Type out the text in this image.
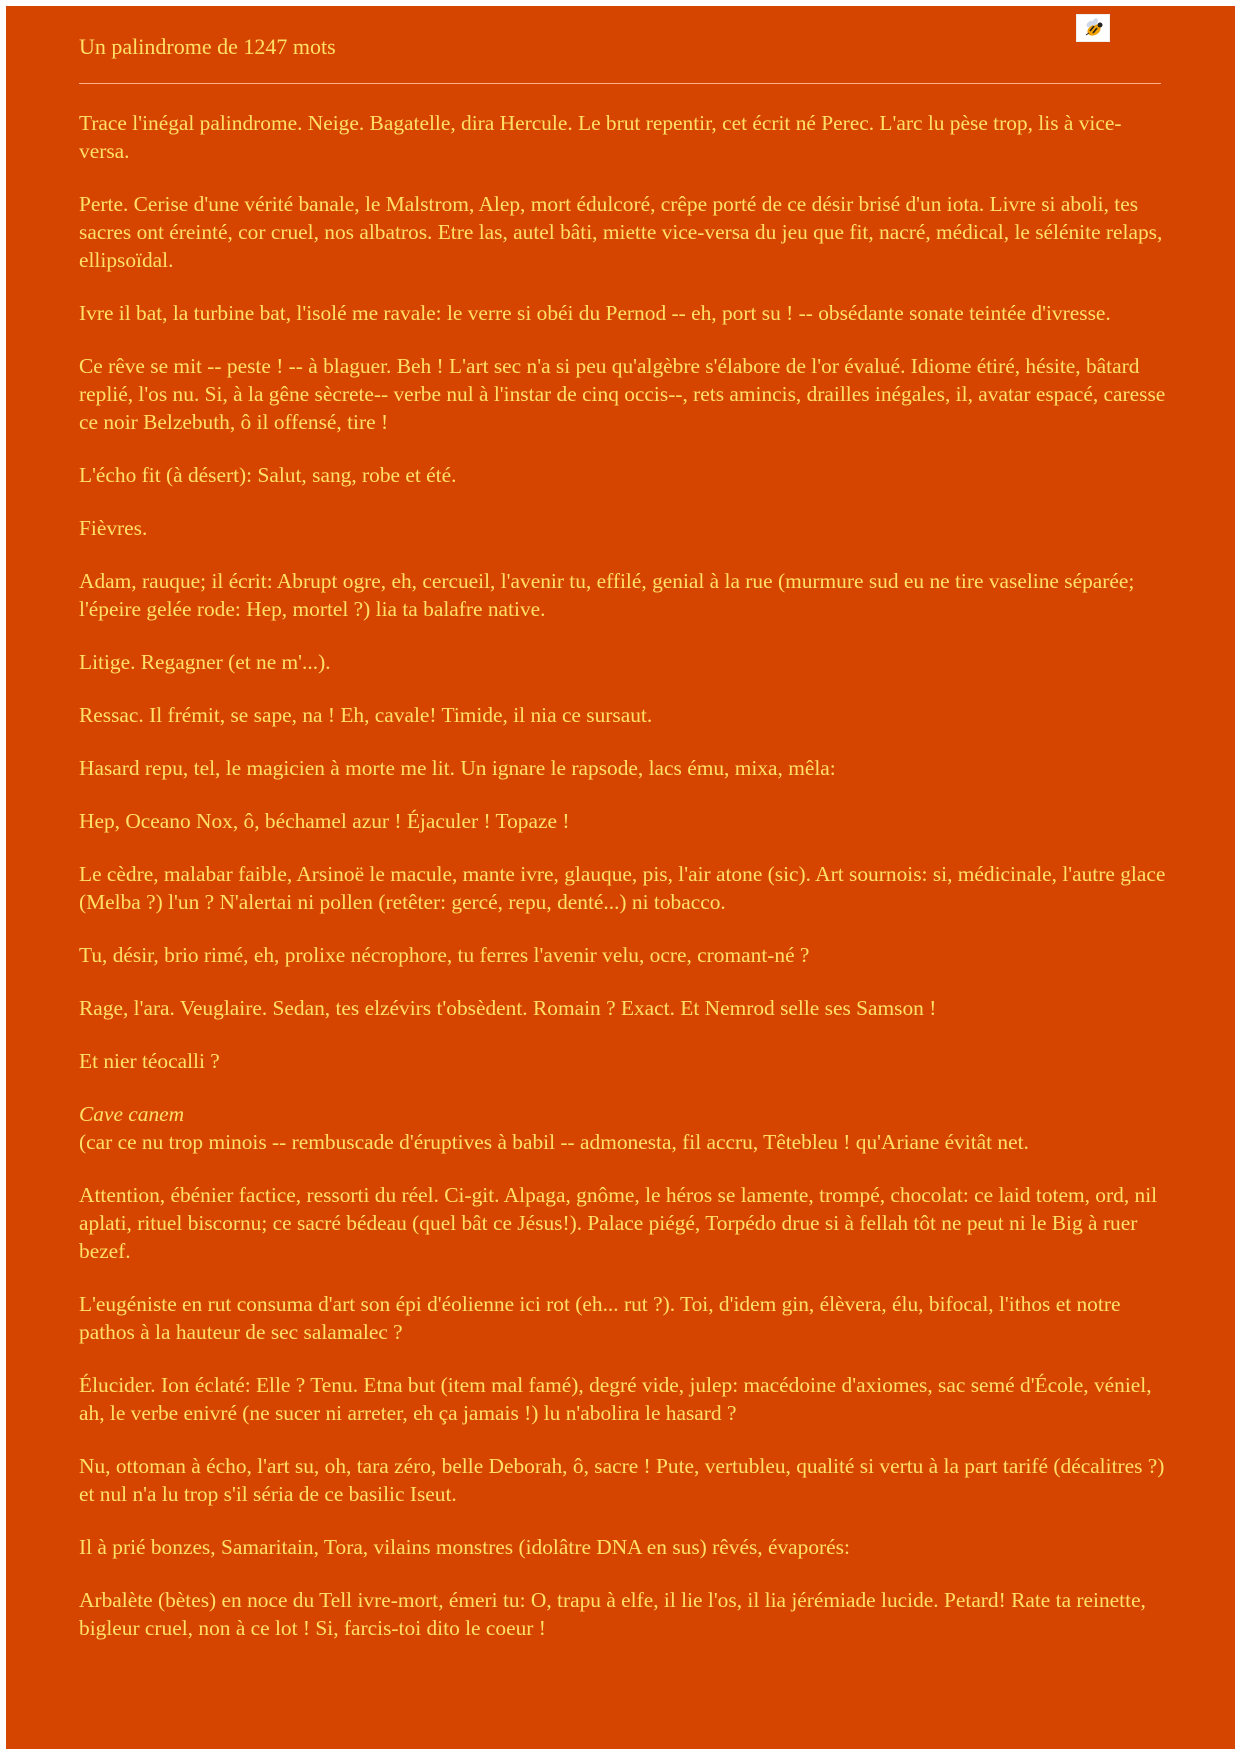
Un palindrome de 1247 mots

Trace l'inégal palindrome. Neige. Bagatelle, dira Hercule. Le brut repentir, cet écrit né Perec. L'arc lu pèse trop, lis à vice-versa.

Perte. Cerise d'une vérité banale, le Malstrom, Alep, mort édulcoré, crêpe porté de ce désir brisé d'un iota. Livre si aboli, tes sacres ont éreinté, cor cruel, nos albatros. Etre las, autel bâti, miette vice-versa du jeu que fit, nacré, médical, le sélénite relaps, ellipsoïdal.

Ivre il bat, la turbine bat, l'isolé me ravale: le verre si obéi du Pernod -- eh, port su ! -- obsédante sonate teintée d'ivresse.

Ce rêve se mit -- peste ! -- à blaguer. Beh ! L'art sec n'a si peu qu'algèbre s'élabore de l'or évalué. Idiome étiré, hésite, bâtard replié, l'os nu. Si, à la gêne sècrete-- verbe nul à l'instar de cinq occis--, rets amincis, drailles inégales, il, avatar espacé, caresse ce noir Belzebuth, ô il offensé, tire !

L'écho fit (à désert): Salut, sang, robe et été.

Fièvres.

Adam, rauque; il écrit: Abrupt ogre, eh, cercueil, l'avenir tu, effilé, genial à la rue (murmure sud eu ne tire vaseline séparée; l'épeire gelée rode: Hep, mortel ?) lia ta balafre native.

Litige. Regagner (et ne m'...).

Ressac. Il frémit, se sape, na ! Eh, cavale! Timide, il nia ce sursaut.

Hasard repu, tel, le magicien à morte me lit. Un ignare le rapsode, lacs ému, mixa, mêla:

Hep, Oceano Nox, ô, béchamel azur ! Éjaculer ! Topaze !

Le cèdre, malabar faible, Arsinoë le macule, mante ivre, glauque, pis, l'air atone (sic). Art sournois: si, médicinale, l'autre glace (Melba ?) l'un ? N'alertai ni pollen (retêter: gercé, repu, denté...) ni tobacco.

Tu, désir, brio rimé, eh, prolixe nécrophore, tu ferres l'avenir velu, ocre, cromant-né ?

Rage, l'ara. Veuglaire. Sedan, tes elzévirs t'obsèdent. Romain ? Exact. Et Nemrod selle ses Samson !

Et nier téocalli ?

Cave canem
(car ce nu trop minois -- rembuscade d'éruptives à babil -- admonesta, fil accru, Têtebleu ! qu'Ariane évitât net.

Attention, ébénier factice, ressorti du réel. Ci-git. Alpaga, gnôme, le héros se lamente, trompé, chocolat: ce laid totem, ord, nil aplati, rituel biscornu; ce sacré bédeau (quel bât ce Jésus!). Palace piégé, Torpédo drue si à fellah tôt ne peut ni le Big à ruer bezef.

L'eugéniste en rut consuma d'art son épi d'éolienne ici rot (eh... rut ?). Toi, d'idem gin, élèvera, élu, bifocal, l'ithos et notre pathos à la hauteur de sec salamalec ?

Élucider. Ion éclaté: Elle ? Tenu. Etna but (item mal famé), degré vide, julep: macédoine d'axiomes, sac semé d'École, véniel, ah, le verbe enivré (ne sucer ni arreter, eh ça jamais !) lu n'abolira le hasard ?

Nu, ottoman à écho, l'art su, oh, tara zéro, belle Deborah, ô, sacre ! Pute, vertubleu, qualité si vertu à la part tarifé (décalitres ?) et nul n'a lu trop s'il séria de ce basilic Iseut.

Il à prié bonzes, Samaritain, Tora, vilains monstres (idolâtre DNA en sus) rêvés, évaporés:

Arbalète (bètes) en noce du Tell ivre-mort, émeri tu: O, trapu à elfe, il lie l'os, il lia jérémiade lucide. Petard! Rate ta reinette, bigleur cruel, non à ce lot ! Si, farcis-toi dito le coeur !
